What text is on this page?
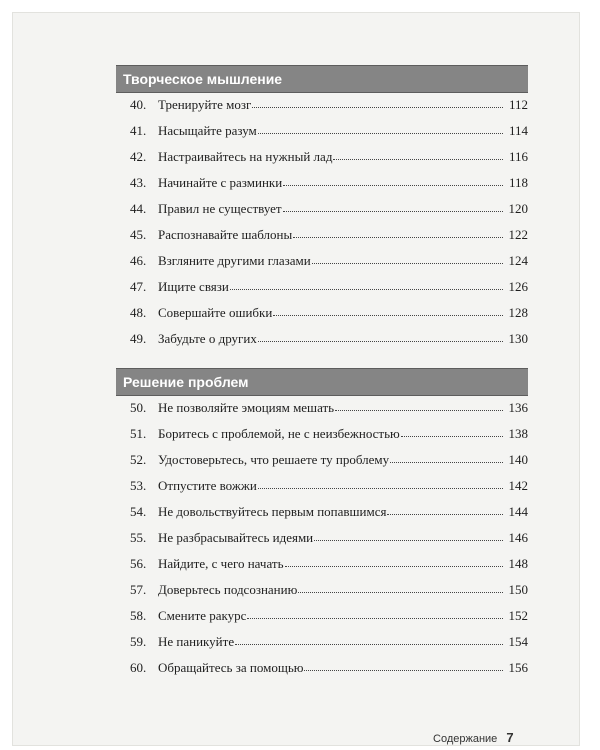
Творческое мышление
40. Тренируйте мозг	112
41. Насыщайте разум	114
42. Настраивайтесь на нужный лад	116
43. Начинайте с разминки	118
44. Правил не существует	120
45. Распознавайте шаблоны	122
46. Взгляните другими глазами	124
47. Ищите связи	126
48. Совершайте ошибки	128
49. Забудьте о других	130
Решение проблем
50. Не позволяйте эмоциям мешать	136
51. Боритесь с проблемой, не с неизбежностью	138
52. Удостоверьтесь, что решаете ту проблему	140
53. Отпустите вожжи	142
54. Не довольствуйтесь первым попавшимся	144
55. Не разбрасывайтесь идеями	146
56. Найдите, с чего начать	148
57. Доверьтесь подсознанию	150
58. Смените ракурс	152
59. Не паникуйте	154
60. Обращайтесь за помощью	156
Содержание 7
